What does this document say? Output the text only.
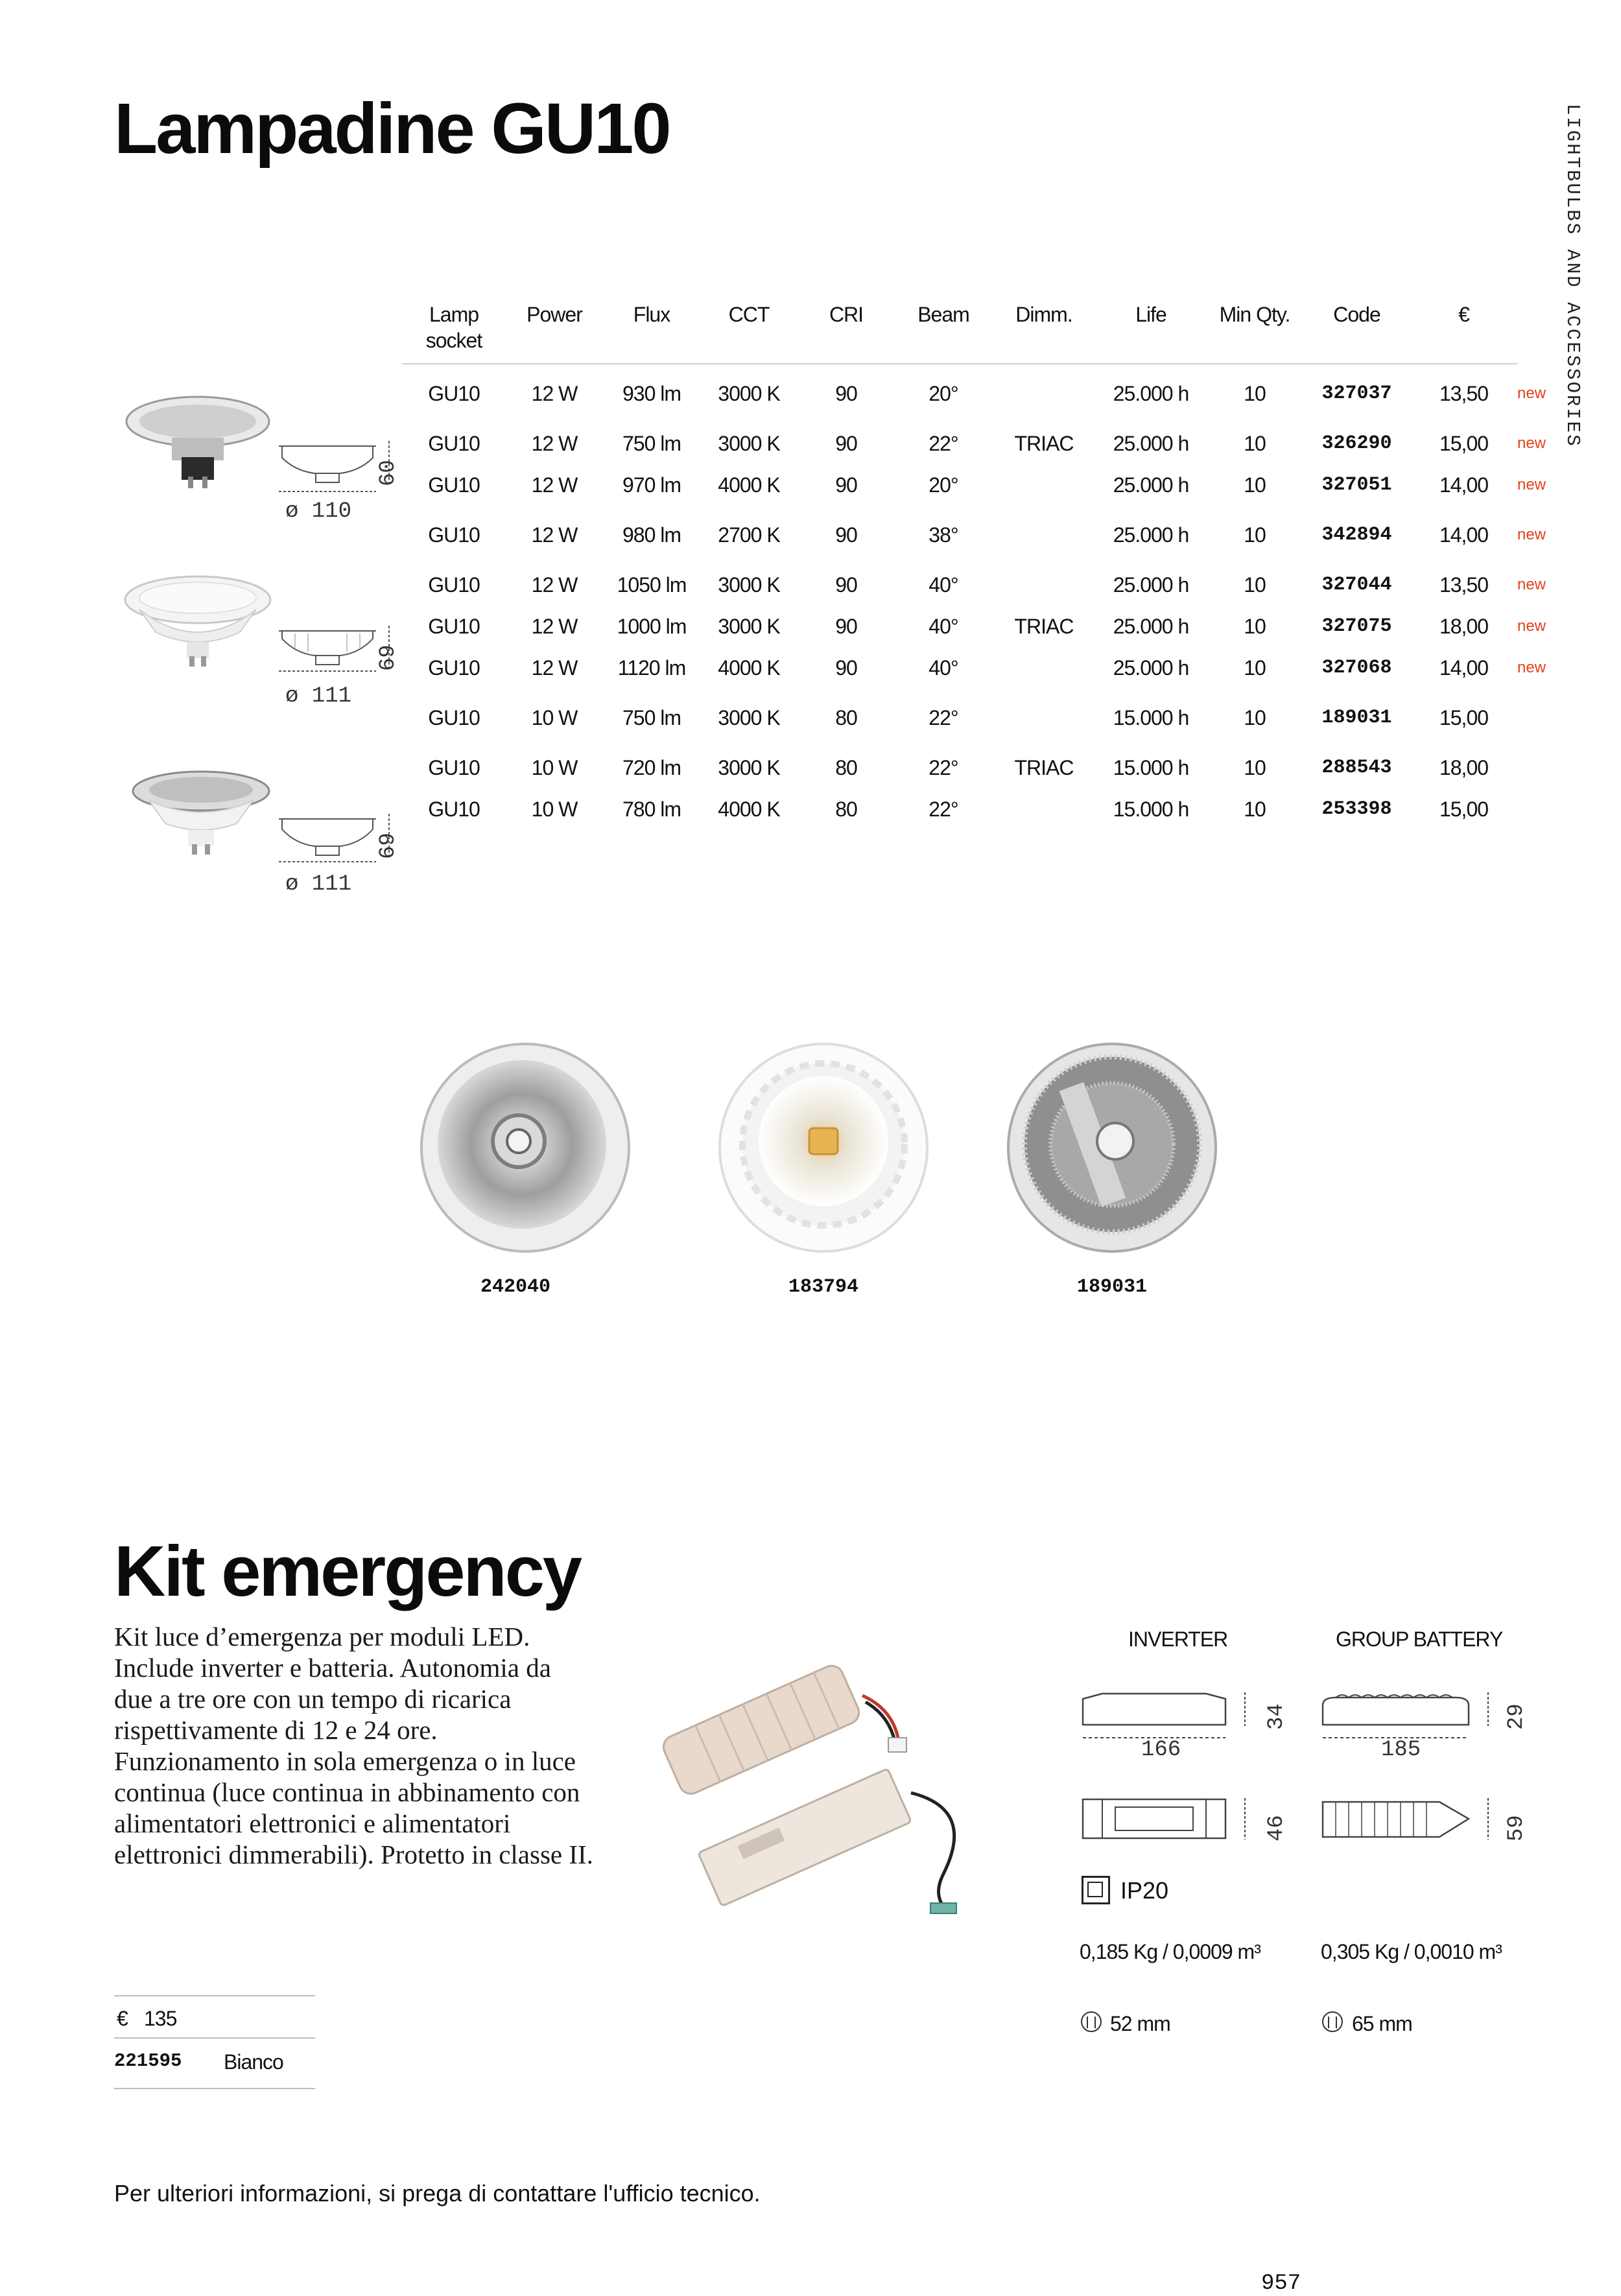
LIGHTBULBS AND ACCESSORIES
Lampadine GU10
Lamp socket	Power	Flux	CCT	CRI	Beam	Dimm.	Life	Min Qty.	Code	€	
GU10	12 W	930 lm	3000 K	90	20°		25.000 h	10	327037	13,50	new
GU10	12 W	750 lm	3000 K	90	22°	TRIAC	25.000 h	10	326290	15,00	new
GU10	12 W	970 lm	4000 K	90	20°		25.000 h	10	327051	14,00	new
GU10	12 W	980 lm	2700 K	90	38°		25.000 h	10	342894	14,00	new
GU10	12 W	1050 lm	3000 K	90	40°		25.000 h	10	327044	13,50	new
GU10	12 W	1000 lm	3000 K	90	40°	TRIAC	25.000 h	10	327075	18,00	new
GU10	12 W	1120 lm	4000 K	90	40°		25.000 h	10	327068	14,00	new
GU10	10 W	750 lm	3000 K	80	22°		15.000 h	10	189031	15,00	
GU10	10 W	720 lm	3000 K	80	22°	TRIAC	15.000 h	10	288543	18,00	
GU10	10 W	780 lm	4000 K	80	22°		15.000 h	10	253398	15,00	
ø 110
60
ø 111
69
ø 111
69
242040	183794	189031
Kit emergency
Kit luce d’emergenza per moduli LED. Include inverter e batteria. Autonomia da due a tre ore con un tempo di ricarica rispettivamente di 12 e 24 ore. Funzionamento in sola emergenza o in luce continua (luce continua in abbinamento con alimentatori elettronici e alimentatori elettronici dimmerabili). Protetto in classe II.
€ 135
221595 Bianco
INVERTER	GROUP BATTERY
166
34
46
185
29
59
IP20
0,185 Kg / 0,0009 m³	0,305 Kg / 0,0010 m³
52 mm	65 mm
Per ulteriori informazioni, si prega di contattare l'ufficio tecnico.
957
